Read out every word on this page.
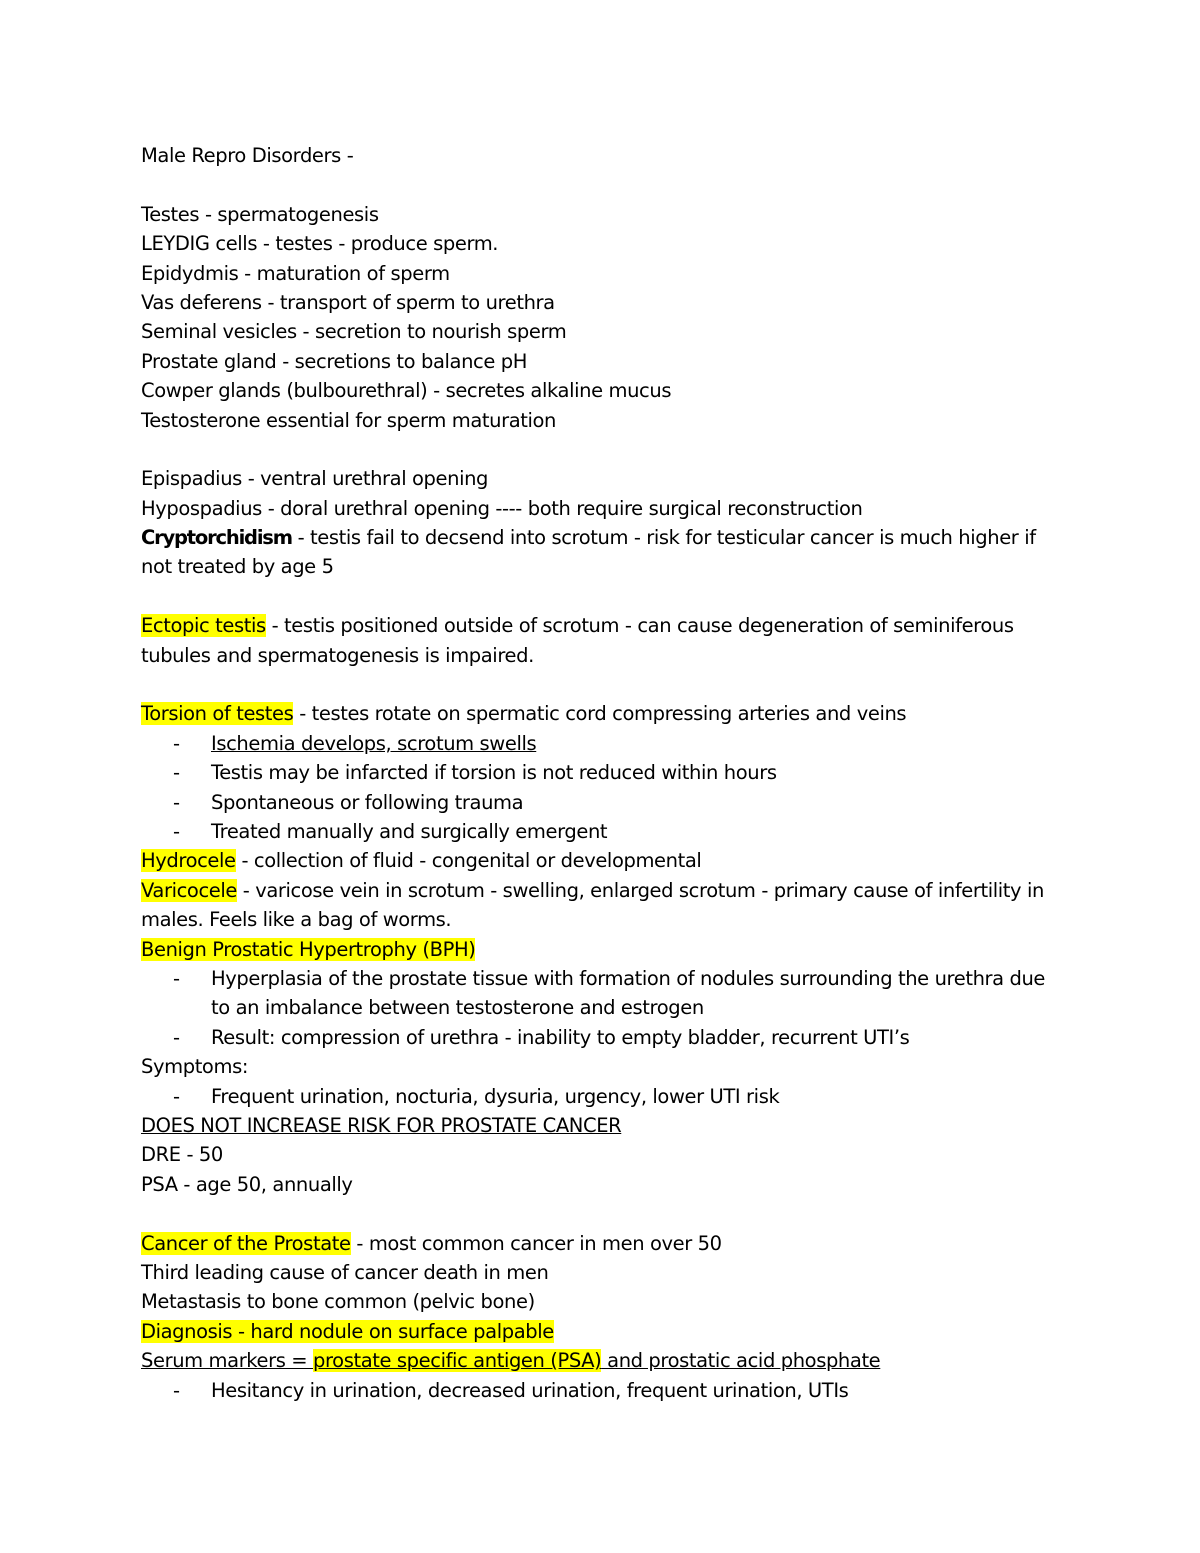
Male Repro Disorders -
Testes - spermatogenesis
LEYDIG cells - testes - produce sperm.
Epidydmis - maturation of sperm
Vas deferens - transport of sperm to urethra
Seminal vesicles - secretion to nourish sperm
Prostate gland - secretions to balance pH
Cowper glands (bulbourethral) - secretes alkaline mucus
Testosterone essential for sperm maturation
Epispadius - ventral urethral opening
Hypospadius - doral urethral opening ---- both require surgical reconstruction
Cryptorchidism - testis fail to decsend into scrotum - risk for testicular cancer is much higher if not treated by age 5
Ectopic testis - testis positioned outside of scrotum - can cause degeneration of seminiferous tubules and spermatogenesis is impaired.
Torsion of testes - testes rotate on spermatic cord compressing arteries and veins
- Ischemia develops, scrotum swells
- Testis may be infarcted if torsion is not reduced within hours
- Spontaneous or following trauma
- Treated manually and surgically emergent
Hydrocele - collection of fluid - congenital or developmental
Varicocele - varicose vein in scrotum - swelling, enlarged scrotum - primary cause of infertility in males. Feels like a bag of worms.
Benign Prostatic Hypertrophy (BPH)
- Hyperplasia of the prostate tissue with formation of nodules surrounding the urethra due to an imbalance between testosterone and estrogen
- Result: compression of urethra - inability to empty bladder, recurrent UTI’s
Symptoms:
- Frequent urination, nocturia, dysuria, urgency, lower UTI risk
DOES NOT INCREASE RISK FOR PROSTATE CANCER
DRE - 50
PSA - age 50, annually
Cancer of the Prostate - most common cancer in men over 50
Third leading cause of cancer death in men
Metastasis to bone common (pelvic bone)
Diagnosis - hard nodule on surface palpable
Serum markers = prostate specific antigen (PSA) and prostatic acid phosphate
- Hesitancy in urination, decreased urination, frequent urination, UTIs
